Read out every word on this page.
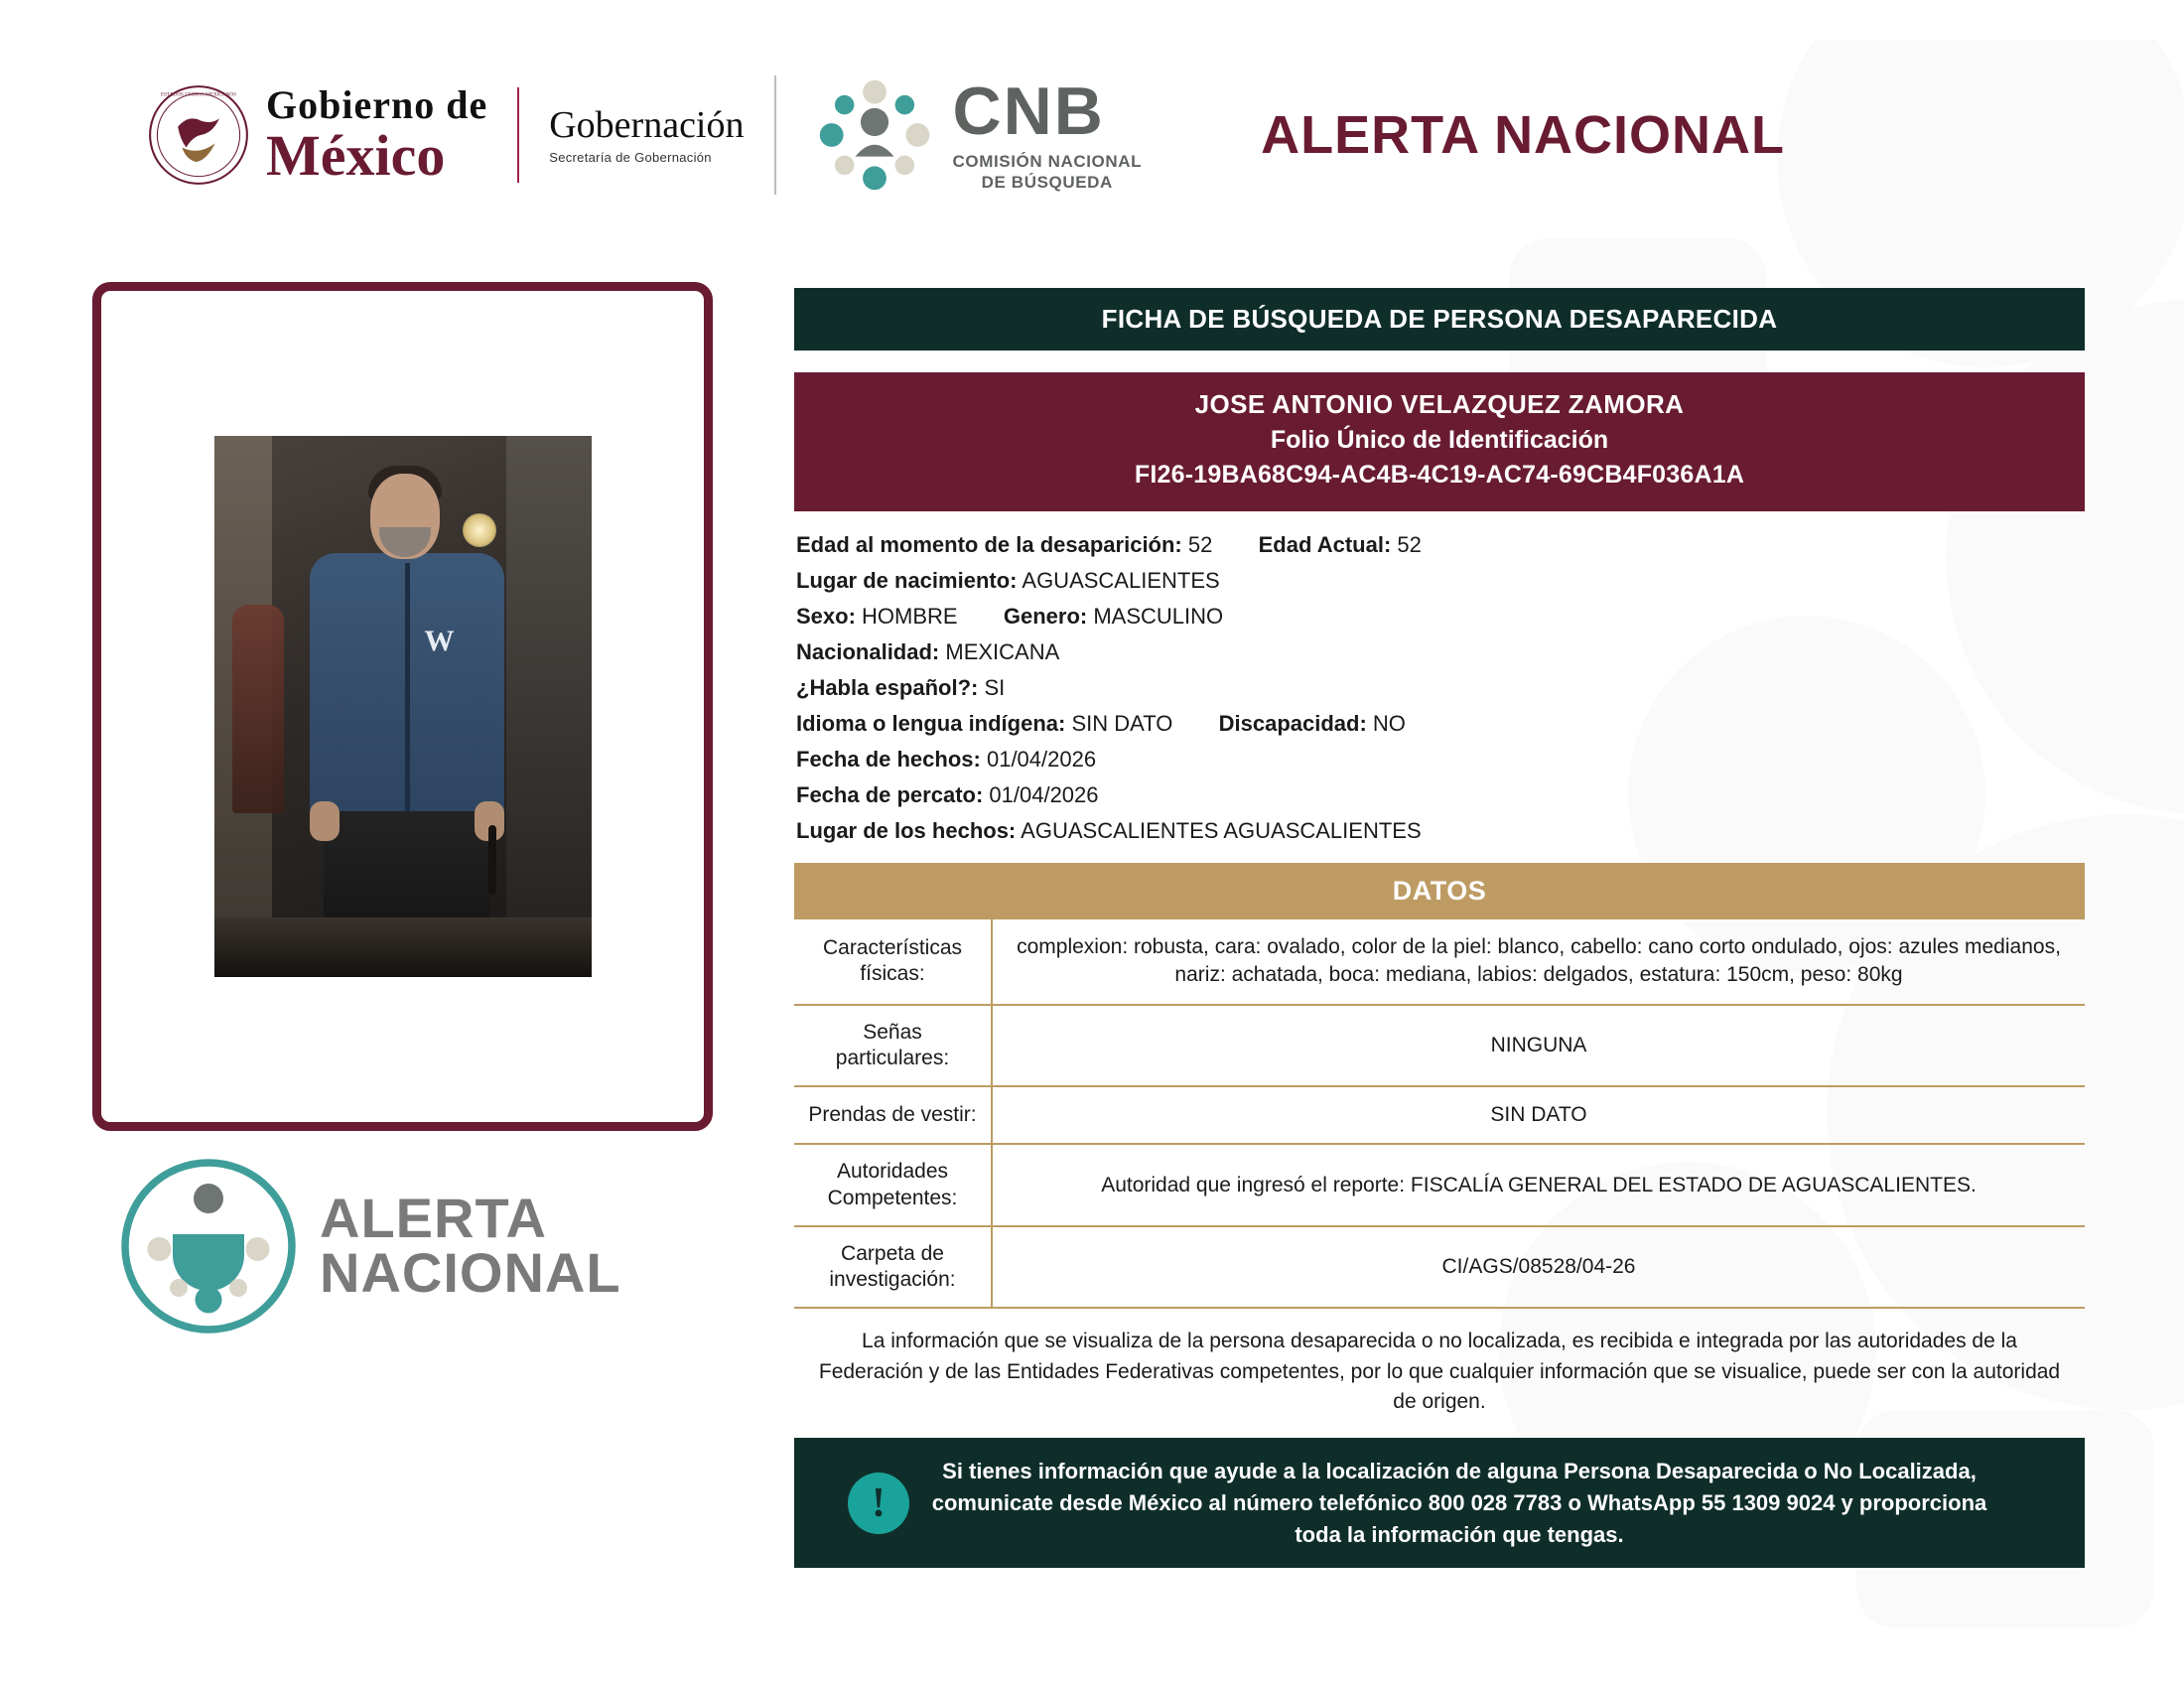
ESTADOS UNIDOS MEXICANOS Gobierno de
México	Gobernación
Secretaría de Gobernación
CNB
COMISIÓN NACIONAL
DE BÚSQUEDA
ALERTA NACIONAL
W
ALERTA
NACIONAL
FICHA DE BÚSQUEDA DE PERSONA DESAPARECIDA
JOSE ANTONIO VELAZQUEZ ZAMORA
Folio Único de Identificación
FI26-19BA68C94-AC4B-4C19-AC74-69CB4F036A1A
Edad al momento de la desaparición: 52 Edad Actual: 52
Lugar de nacimiento: AGUASCALIENTES
Sexo: HOMBRE Genero: MASCULINO
Nacionalidad: MEXICANA
¿Habla español?: SI
Idioma o lengua indígena: SIN DATO Discapacidad: NO
Fecha de hechos: 01/04/2026
Fecha de percato: 01/04/2026
Lugar de los hechos: AGUASCALIENTES AGUASCALIENTES
DATOS
Características físicas:	complexion: robusta, cara: ovalado, color de la piel: blanco, cabello: cano corto ondulado, ojos: azules medianos, nariz: achatada, boca: mediana, labios: delgados, estatura: 150cm, peso: 80kg
Señas particulares:	NINGUNA
Prendas de vestir:	SIN DATO
Autoridades Competentes:	Autoridad que ingresó el reporte: FISCALÍA GENERAL DEL ESTADO DE AGUASCALIENTES.
Carpeta de investigación:	CI/AGS/08528/04-26
La información que se visualiza de la persona desaparecida o no localizada, es recibida e integrada por las autoridades de la Federación y de las Entidades Federativas competentes, por lo que cualquier información que se visualice, puede ser con la autoridad de origen.
!
Si tienes información que ayude a la localización de alguna Persona Desaparecida o No Localizada, comunicate desde México al número telefónico 800 028 7783 o WhatsApp 55 1309 9024 y proporciona toda la información que tengas.
